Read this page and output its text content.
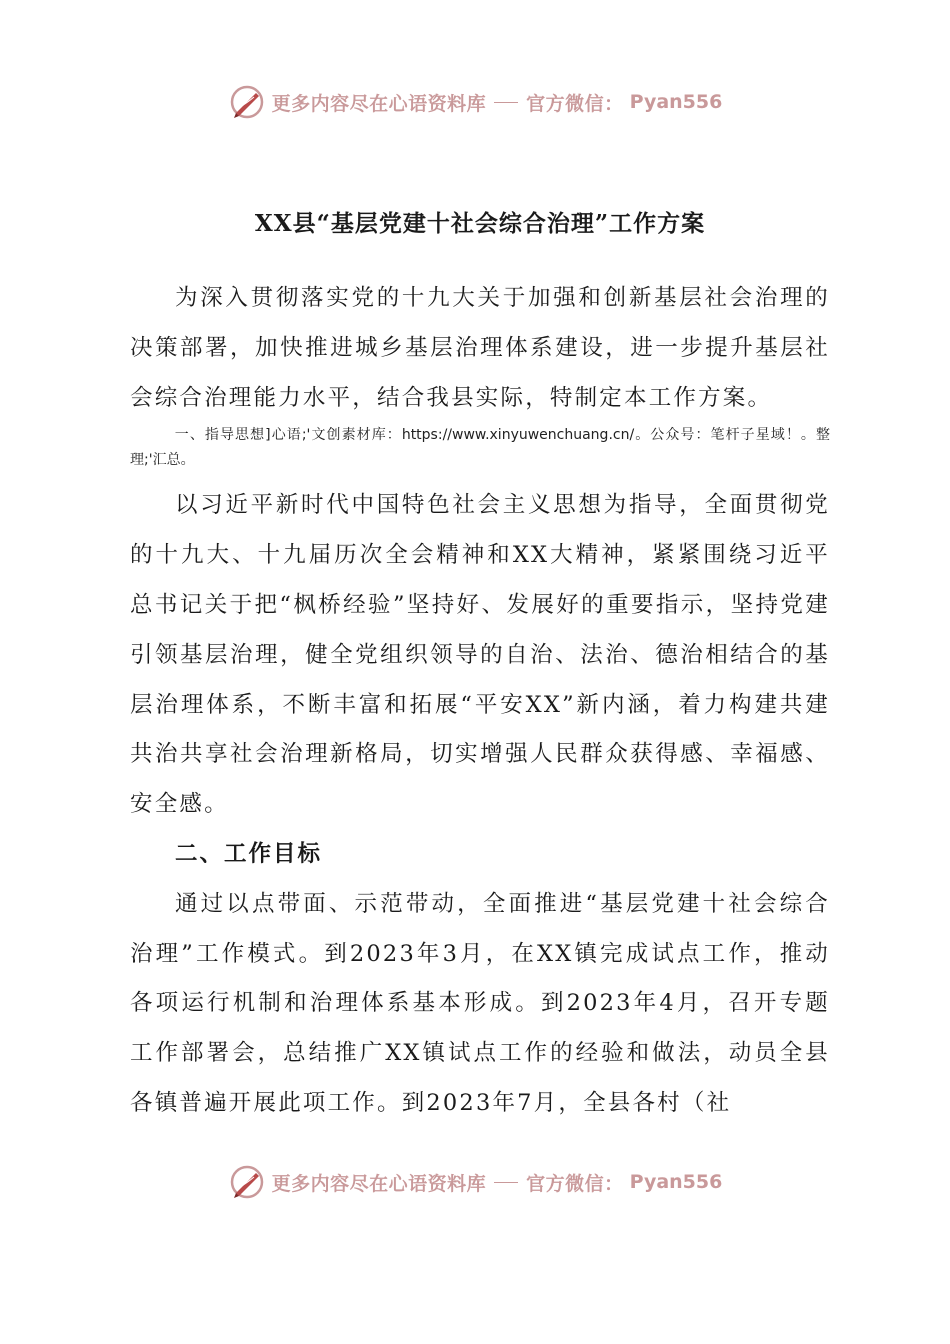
更多内容尽在心语资料库 官方微信： Pyan556
XX县“基层党建十社会综合治理”工作方案

为深入贯彻落实党的十九大关于加强和创新基层社会治理的决策部署，加快推进城乡基层治理体系建设，进一步提升基层社会综合治理能力水平，结合我县实际，特制定本工作方案。

一、指导思想]心语;'文创素材库：https://www.xinyuwenchuang.cn/。公众号：笔杆子星域！。整理;'汇总。

以习近平新时代中国特色社会主义思想为指导，全面贯彻党的十九大、十九届历次全会精神和XX大精神，紧紧围绕习近平总书记关于把“枫桥经验”坚持好、发展好的重要指示，坚持党建引领基层治理，健全党组织领导的自治、法治、德治相结合的基层治理体系，不断丰富和拓展“平安XX”新内涵，着力构建共建共治共享社会治理新格局，切实增强人民群众获得感、幸福感、安全感。

二、工作目标

通过以点带面、示范带动，全面推进“基层党建十社会综合治理”工作模式。到2023年3月，在XX镇完成试点工作，推动各项运行机制和治理体系基本形成。到2023年4月，召开专题工作部署会，总结推广XX镇试点工作的经验和做法，动员全县各镇普遍开展此项工作。到2023年7月，全县各村（社

更多内容尽在心语资料库 官方微信： Pyan556
